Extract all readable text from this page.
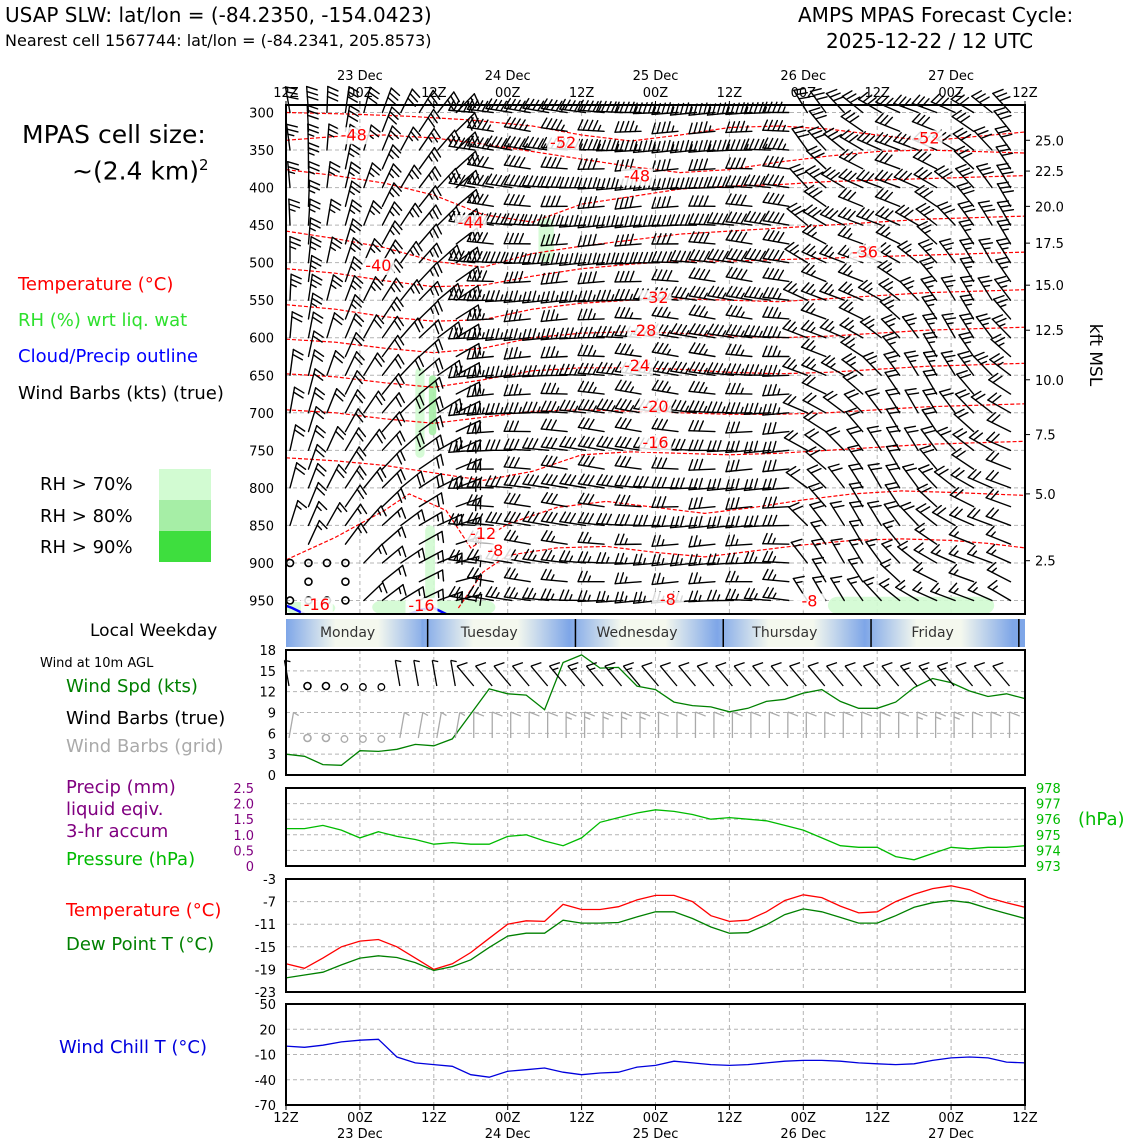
USAP SLW: lat/lon = (-84.2350, -154.0423)
Nearest cell 1567744: lat/lon = (-84.2341, 205.8573)
AMPS MPAS Forecast Cycle:
2025-12-22 / 12 UTC
MPAS cell size:
~(2.4 km)$^2$
Temperature (°C)
RH (%) wrt liq. wat
Cloud/Precip outline
Wind Barbs (kts) (true)
RH > 70%
RH > 80%
RH > 90%
Local Weekday
Wind at 10m AGL
Wind Spd (kts)
Wind Barbs (true)
Wind Barbs (grid)
Precip (mm)
liquid eqiv.
3-hr accum
Pressure (hPa)
(hPa)
Temperature (°C)
Dew Point T (°C)
Wind Chill T (°C)
12Z	00Z	12Z	00Z	12Z	00Z	12Z	00Z	12Z	00Z	12Z
23 Dec	24 Dec	25 Dec	26 Dec	27 Dec
300
350
400
450
500
550
600
650
700
750
800
850
900
950
25.0
22.5
20.0
17.5
15.0
12.5
10.0
7.5
5.0
2.5
kft MSL
-48	-52	-52
-48
-44
-40
-36
-32
-28
-24
-20
-16
-12
-8
-16	-16	-8	-8
Monday	Tuesday	Wednesday	Thursday	Friday
0
3
6
9
12
15
18
0
0.5
1.0
1.5
2.0
2.5
973
974
975
976
977
978
-23
-19
-15
-11
-7
-3
-70
-40
-10
20
50
12Z	00Z	12Z	00Z	12Z	00Z	12Z	00Z	12Z	00Z	12Z
23 Dec	24 Dec	25 Dec	26 Dec	27 Dec
